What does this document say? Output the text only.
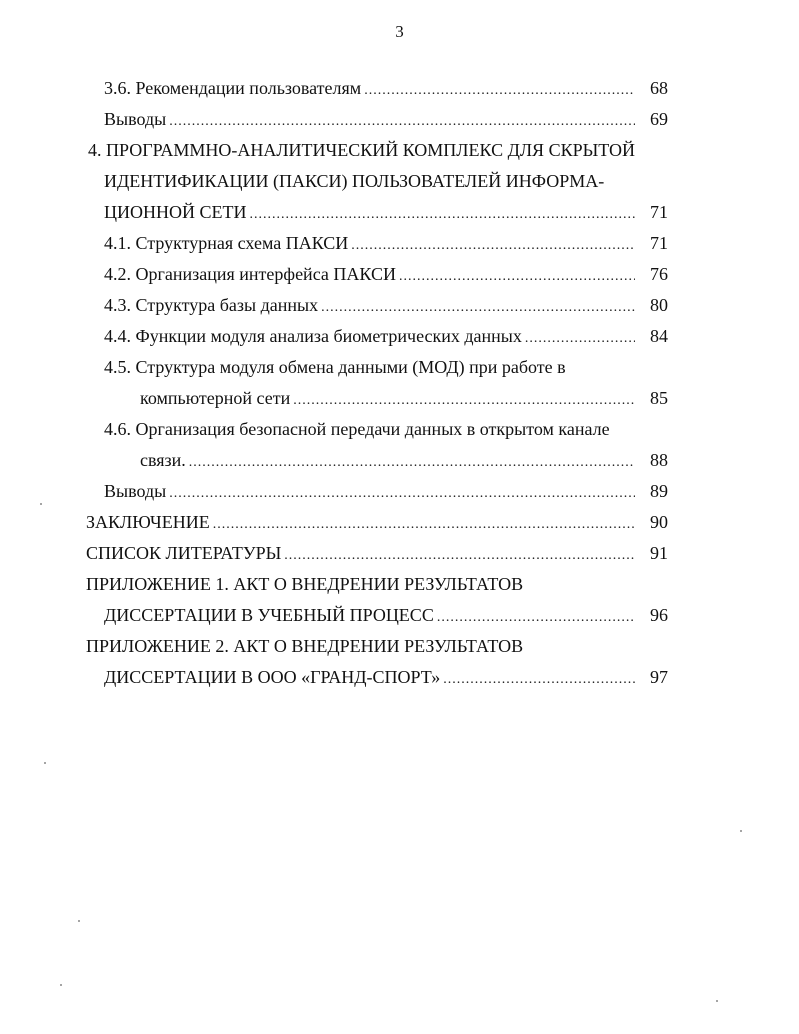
3
3.6. Рекомендации пользователям .....	68
Выводы .....	69
4. ПРОГРАММНО-АНАЛИТИЧЕСКИЙ КОМПЛЕКС ДЛЯ СКРЫТОЙ
ИДЕНТИФИКАЦИИ (ПАКСИ) ПОЛЬЗОВАТЕЛЕЙ ИНФОРМА-
ЦИОННОЙ СЕТИ .....	71
4.1. Структурная схема ПАКСИ .....	71
4.2. Организация интерфейса ПАКСИ .....	76
4.3. Структура базы данных .....	80
4.4. Функции модуля анализа биометрических данных .....	84
4.5. Структура модуля обмена данными (МОД) при работе в
компьютерной сети .....	85
4.6. Организация безопасной передачи данных в открытом канале
связи. .....	88
Выводы .....	89
ЗАКЛЮЧЕНИЕ .....	90
СПИСОК ЛИТЕРАТУРЫ .....	91
ПРИЛОЖЕНИЕ 1. АКТ О ВНЕДРЕНИИ РЕЗУЛЬТАТОВ
ДИССЕРТАЦИИ В УЧЕБНЫЙ ПРОЦЕСС .....	96
ПРИЛОЖЕНИЕ 2. АКТ О ВНЕДРЕНИИ РЕЗУЛЬТАТОВ
ДИССЕРТАЦИИ В ООО «ГРАНД-СПОРТ» .....	97
